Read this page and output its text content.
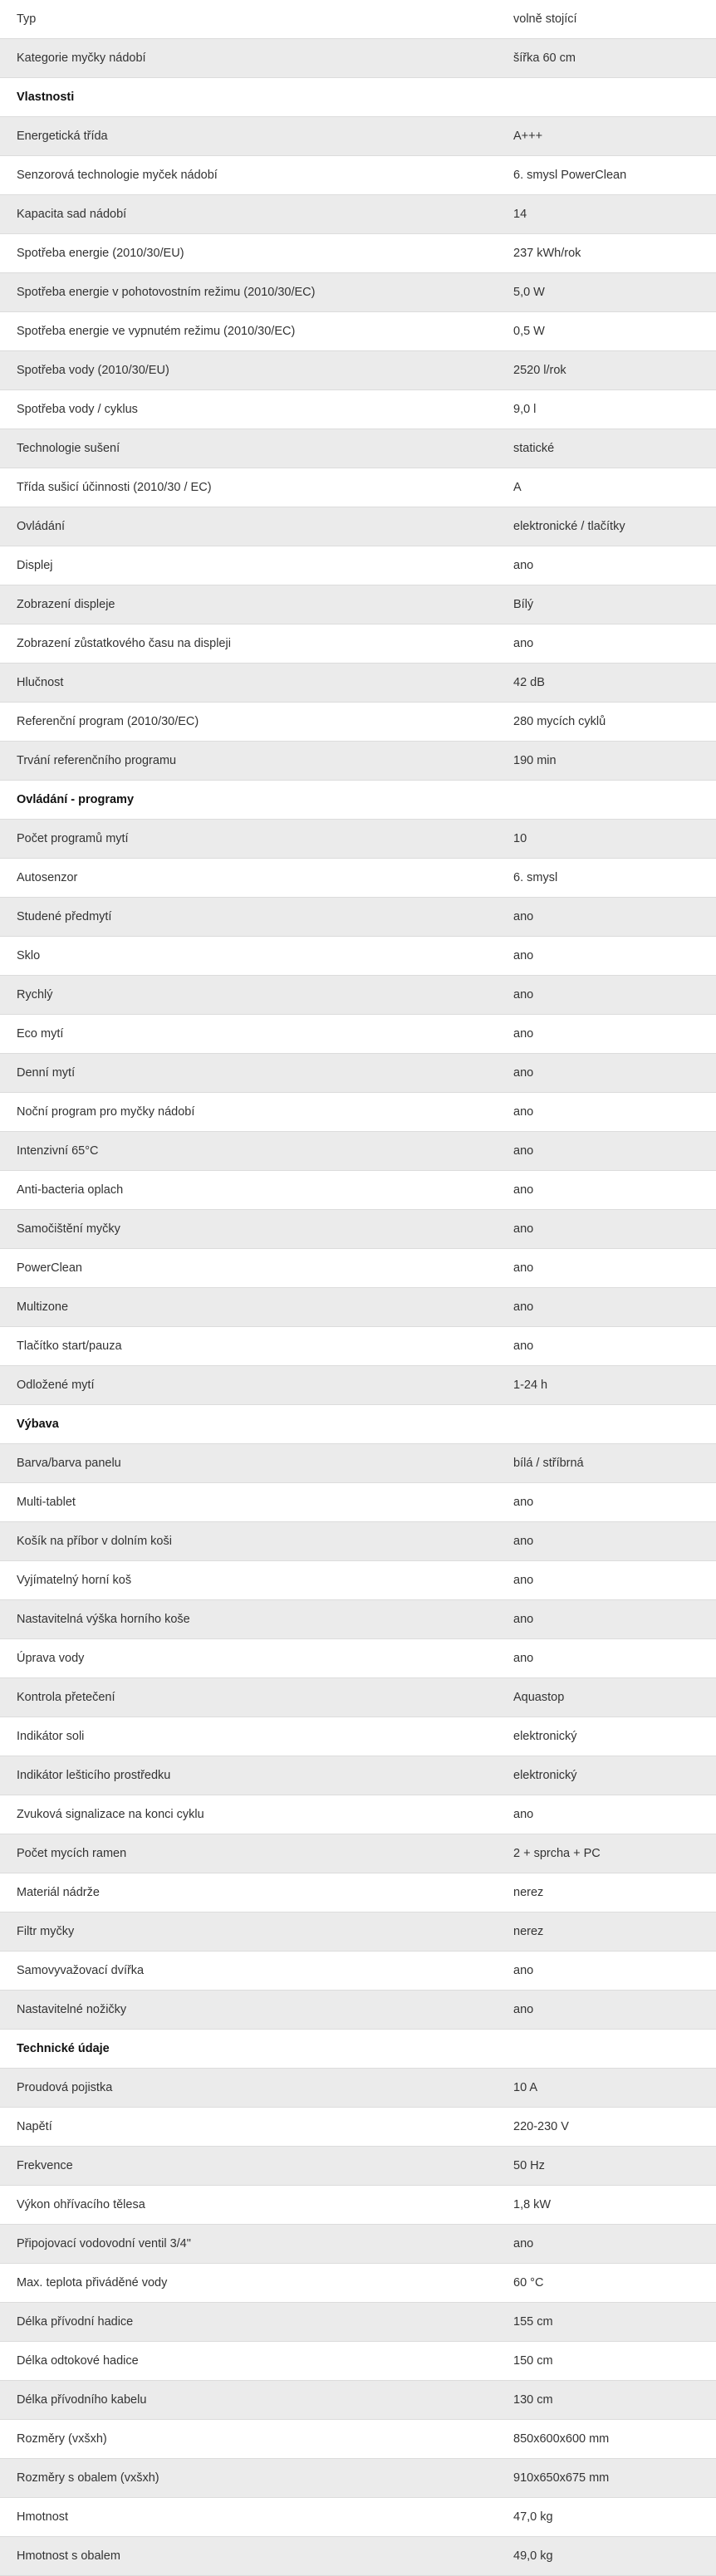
Typ	volně stojící
Kategorie myčky nádobí	šířka 60 cm
Vlastnosti	
Energetická třída	A+++
Senzorová technologie myček nádobí	6. smysl PowerClean
Kapacita sad nádobí	14
Spotřeba energie (2010/30/EU)	237 kWh/rok
Spotřeba energie v pohotovostním režimu (2010/30/EC)	5,0 W
Spotřeba energie ve vypnutém režimu (2010/30/EC)	0,5 W
Spotřeba vody (2010/30/EU)	2520 l/rok
Spotřeba vody / cyklus	9,0 l
Technologie sušení	statické
Třída sušicí účinnosti (2010/30 / EC)	A
Ovládání	elektronické / tlačítky
Displej	ano
Zobrazení displeje	Bílý
Zobrazení zůstatkového času na displeji	ano
Hlučnost	42 dB
Referenční program (2010/30/EC)	280 mycích cyklů
Trvání referenčního programu	190 min
Ovládání - programy	
Počet programů mytí	10
Autosenzor	6. smysl
Studené předmytí	ano
Sklo	ano
Rychlý	ano
Eco mytí	ano
Denní mytí	ano
Noční program pro myčky nádobí	ano
Intenzivní 65°C	ano
Anti-bacteria oplach	ano
Samočištění myčky	ano
PowerClean	ano
Multizone	ano
Tlačítko start/pauza	ano
Odložené mytí	1-24 h
Výbava	
Barva/barva panelu	bílá / stříbrná
Multi-tablet	ano
Košík na příbor v dolním koši	ano
Vyjímatelný horní koš	ano
Nastavitelná výška horního koše	ano
Úprava vody	ano
Kontrola přetečení	Aquastop
Indikátor soli	elektronický
Indikátor lešticího prostředku	elektronický
Zvuková signalizace na konci cyklu	ano
Počet mycích ramen	2 + sprcha + PC
Materiál nádrže	nerez
Filtr myčky	nerez
Samovyvažovací dvířka	ano
Nastavitelné nožičky	ano
Technické údaje	
Proudová pojistka	10 A
Napětí	220-230 V
Frekvence	50 Hz
Výkon ohřívacího tělesa	1,8 kW
Připojovací vodovodní ventil 3/4"	ano
Max. teplota přiváděné vody	60 °C
Délka přívodní hadice	155 cm
Délka odtokové hadice	150 cm
Délka přívodního kabelu	130 cm
Rozměry (vxšxh)	850x600x600 mm
Rozměry s obalem (vxšxh)	910x650x675 mm
Hmotnost	47,0 kg
Hmotnost s obalem	49,0 kg
